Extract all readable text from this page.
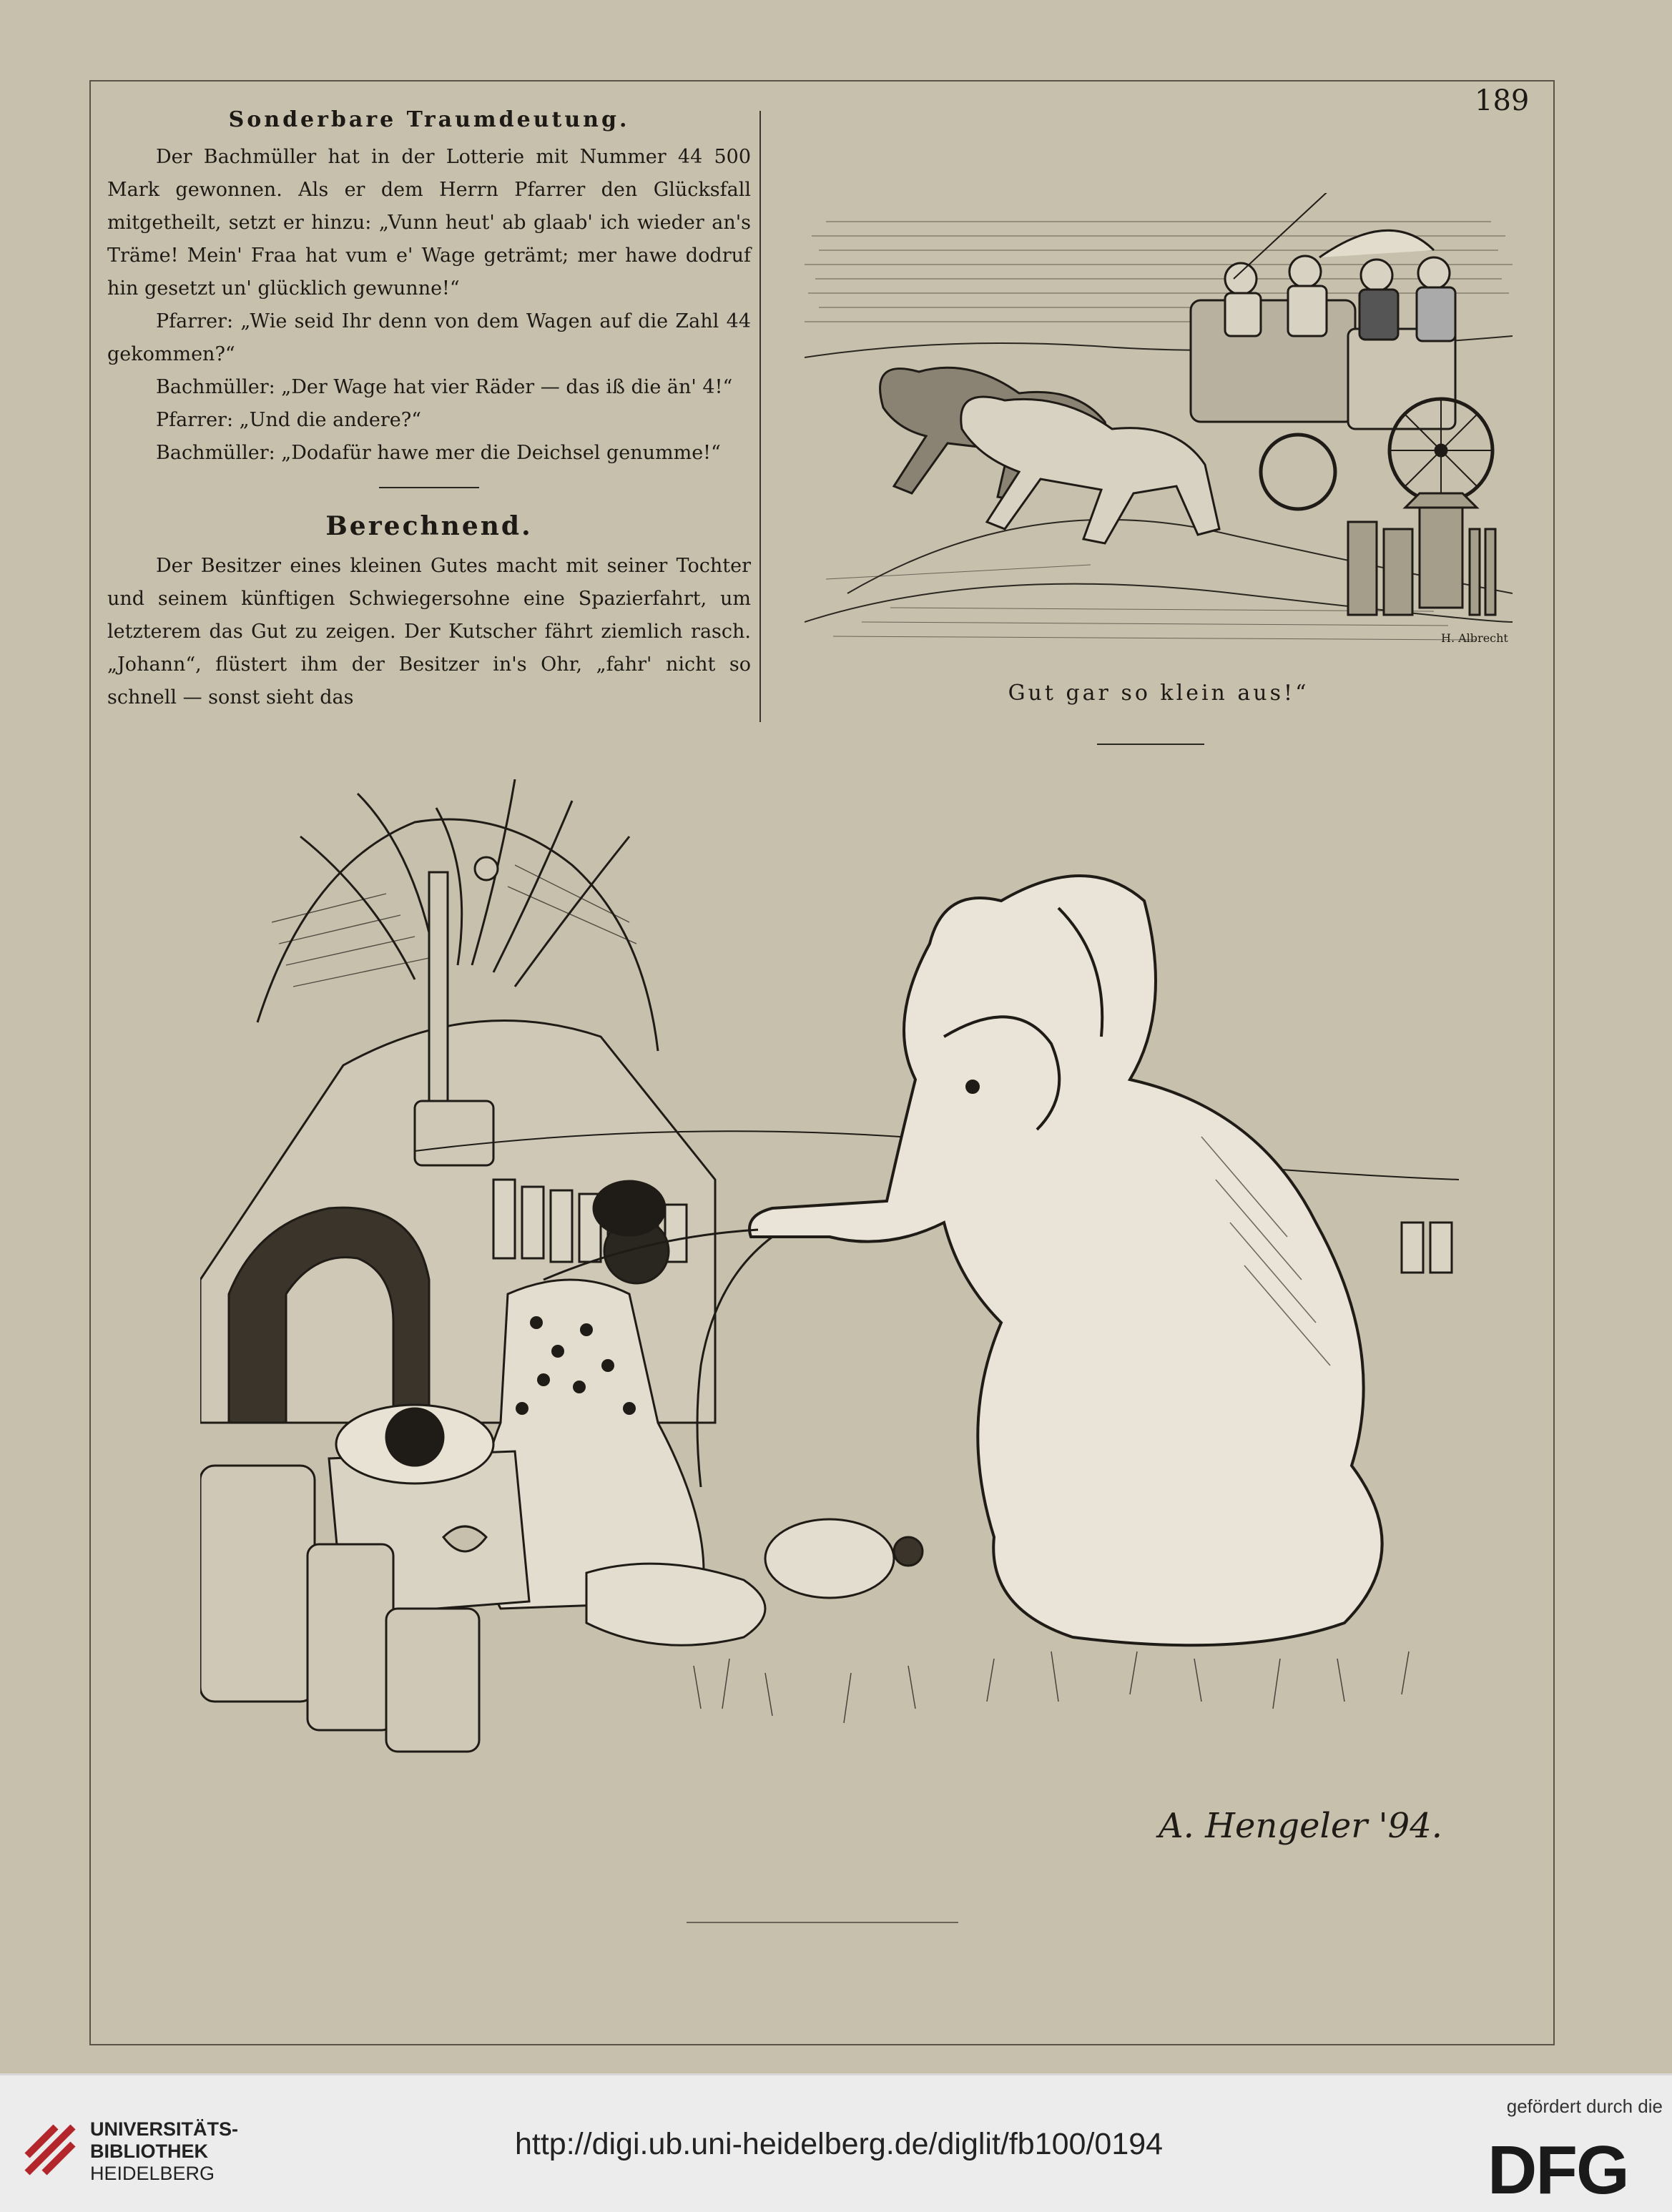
189
Sonderbare Traumdeutung.

Der Bachmüller hat in der Lotterie mit Nummer 44 500 Mark gewonnen. Als er dem Herrn Pfarrer den Glücksfall mitgetheilt, setzt er hinzu: „Vunn heut' ab glaab' ich wieder an's Träme! Mein' Fraa hat vum e' Wage geträmt; mer hawe dodruf hin gesetzt un' glücklich gewunne!“

Pfarrer: „Wie seid Ihr denn von dem Wagen auf die Zahl 44 gekommen?“

Bachmüller: „Der Wage hat vier Räder — das iß die än' 4!“

Pfarrer: „Und die andere?“

Bachmüller: „Dodafür hawe mer die Deichsel genumme!“

Berechnend.

Der Besitzer eines kleinen Gutes macht mit seiner Tochter und seinem künftigen Schwiegersohne eine Spazierfahrt, um letzterem das Gut zu zeigen. Der Kutscher fährt ziemlich rasch. „Johann“, flüstert ihm der Besitzer in's Ohr, „fahr' nicht so schnell — sonst sieht das

H. Albrecht
Gut gar so klein aus!“
A. Hengeler '94.
UNIVERSITÄTS-
BIBLIOTHEK
HEIDELBERG
http://digi.ub.uni-heidelberg.de/diglit/fb100/0194
gefördert durch die
DFG
